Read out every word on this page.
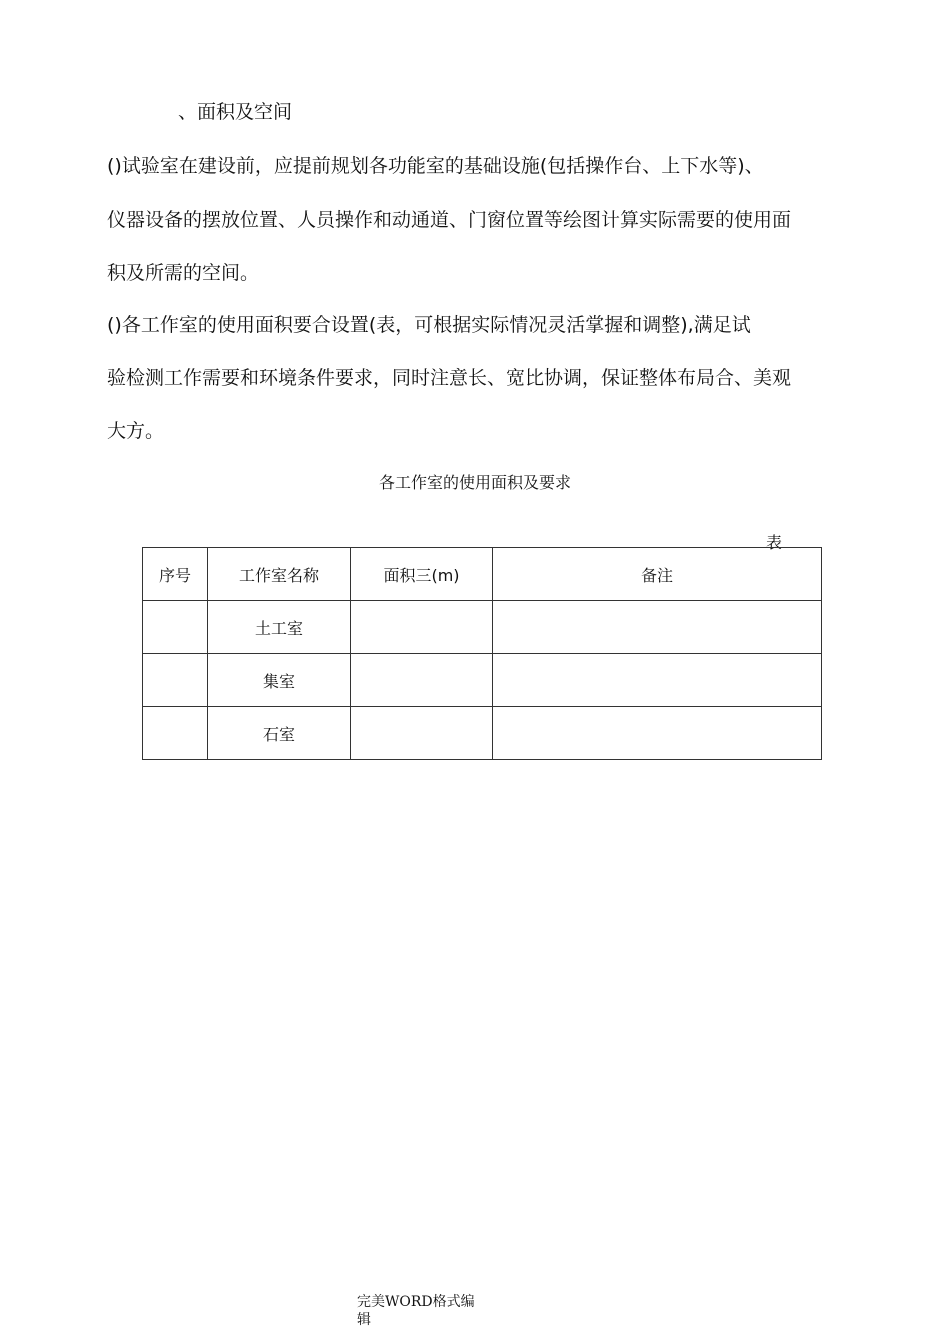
、面积及空间
()试验室在建设前，应提前规划各功能室的基础设施(包括操作台、上下水等)、
仪器设备的摆放位置、人员操作和动通道、门窗位置等绘图计算实际需要的使用面
积及所需的空间。
()各工作室的使用面积要合设置(表，可根据实际情况灵活掌握和调整),满足试
验检测工作需要和环境条件要求，同时注意长、宽比协调，保证整体布局合、美观
大方。
各工作室的使用面积及要求
表
序号	工作室名称	面积三(m)	备注
	土工室		
	集室		
	石室		
完美WORD格式编辑
